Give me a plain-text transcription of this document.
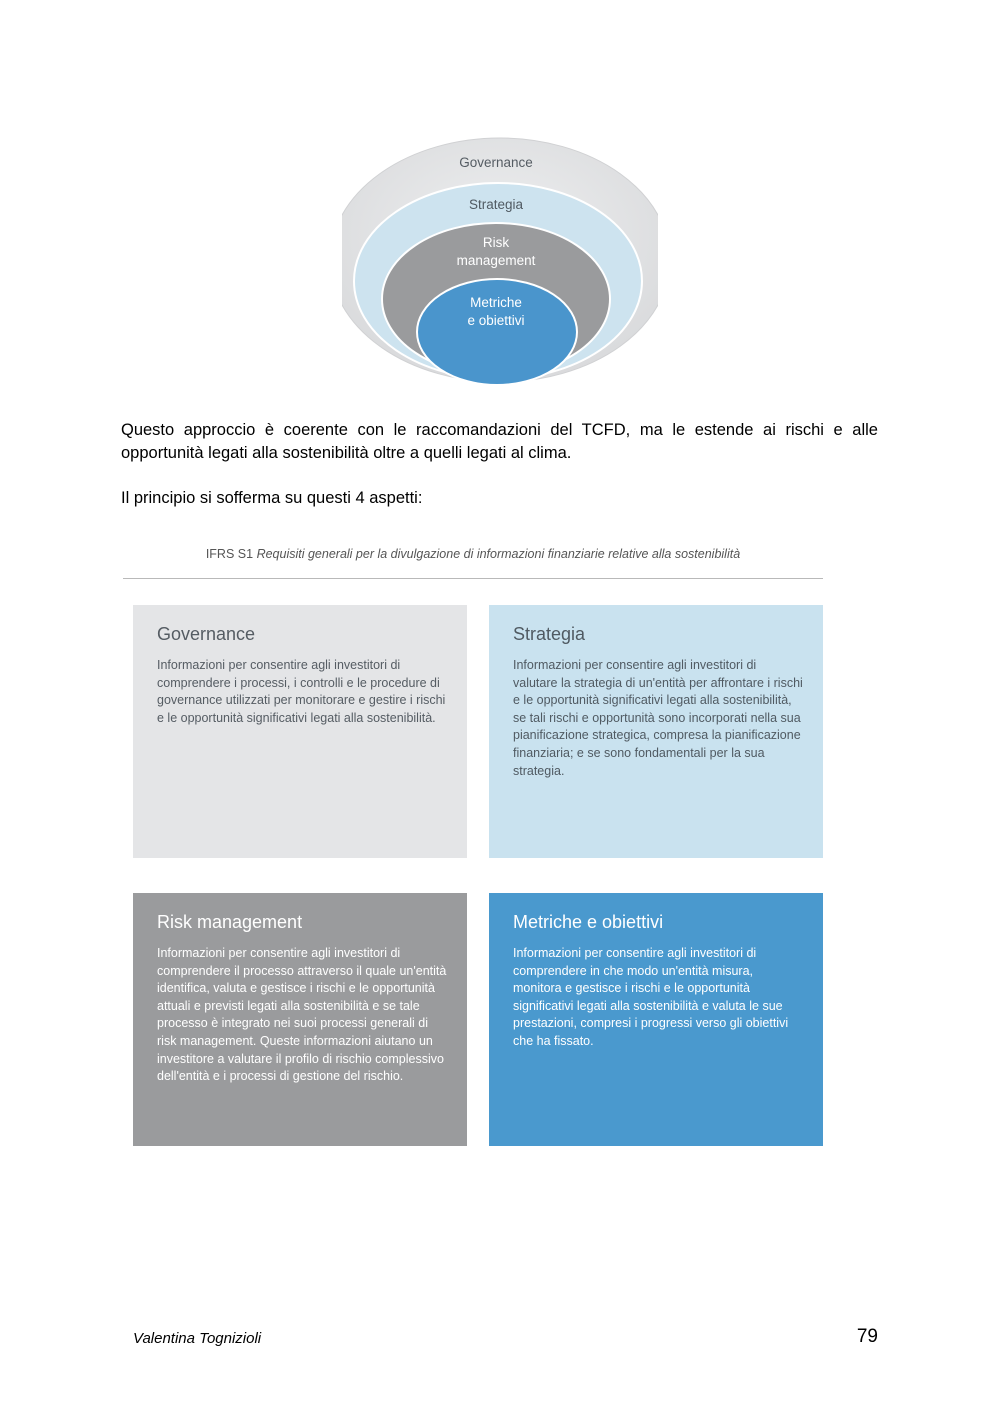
Governance
Strategia
Risk
management
Metriche
e obiettivi

Questo approccio è coerente con le raccomandazioni del TCFD, ma le estende ai rischi e alle opportunità legati alla sostenibilità oltre a quelli legati al clima.

Il principio si sofferma su questi 4 aspetti:

IFRS S1 Requisiti generali per la divulgazione di informazioni finanziarie relative alla sostenibilità

Governance

Informazioni per consentire agli investitori di comprendere i processi, i controlli e le procedure di governance utilizzati per monitorare e gestire i rischi e le opportunità significativi legati alla sostenibilità.

Strategia

Informazioni per consentire agli investitori di valutare la strategia di un'entità per affrontare i rischi e le opportunità significativi legati alla sostenibilità, se tali rischi e opportunità sono incorporati nella sua pianificazione strategica, compresa la pianificazione finanziaria; e se sono fondamentali per la sua strategia.

Risk management

Informazioni per consentire agli investitori di comprendere il processo attraverso il quale un'entità identifica, valuta e gestisce i rischi e le opportunità attuali e previsti legati alla sostenibilità e se tale processo è integrato nei suoi processi generali di risk management. Queste informazioni aiutano un investitore a valutare il profilo di rischio complessivo dell'entità e i processi di gestione del rischio.

Metriche e obiettivi

Informazioni per consentire agli investitori di comprendere in che modo un'entità misura, monitora e gestisce i rischi e le opportunità significativi legati alla sostenibilità e valuta le sue prestazioni, compresi i progressi verso gli obiettivi che ha fissato.

Valentina Tognizioli	79
